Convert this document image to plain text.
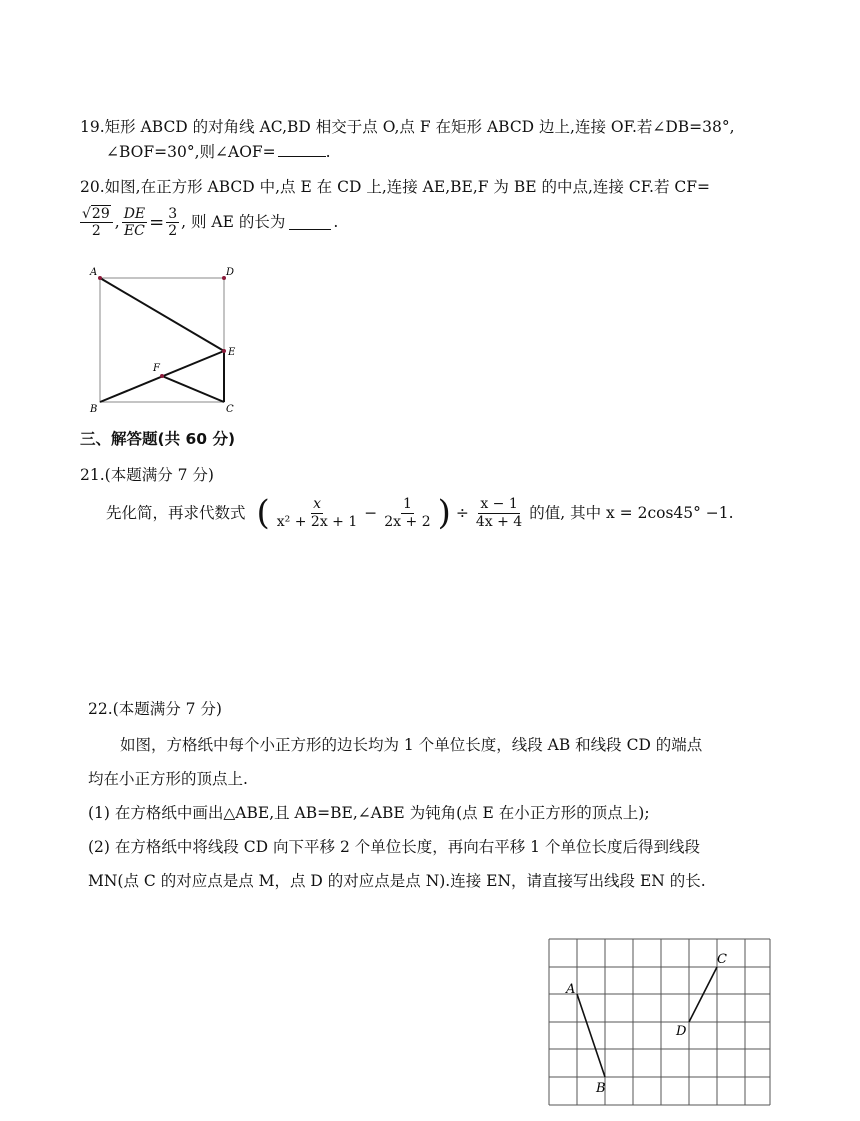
19.矩形 ABCD 的对角线 AC,BD 相交于点 O,点 F 在矩形 ABCD 边上,连接 OF.若∠DB=38°,
∠BOF=30°,则∠AOF=	.
20.如图,在正方形 ABCD 中,点 E 在 CD 上,连接 AE,BE,F 为 BE 的中点,连接 CF.若 CF=
$\frac{√29}{2}$ , $\frac{DE}{EC} = \frac{3}{2}$ , 则 AE 的长为	.
A	D
E
F
B	C
三、解答题(共 60 分)
21.(本题满分 7 分)
先化简，再求代数式 ( $\frac{x}{\text{x² + 2x + 1}} - \frac{1}{2x + 2}$ ) ÷ $\frac{x - 1}{4x + 4}$ 的值, 其中 x = 2cos45° −1.
22.(本题满分 7 分)
如图，方格纸中每个小正方形的边长均为 1 个单位长度，线段 AB 和线段 CD 的端点
均在小正方形的顶点上.
(1) 在方格纸中画出△ABE,且 AB=BE,∠ABE 为钝角(点 E 在小正方形的顶点上);
(2) 在方格纸中将线段 CD 向下平移 2 个单位长度，再向右平移 1 个单位长度后得到线段
MN(点 C 的对应点是点 M，点 D 的对应点是点 N).连接 EN，请直接写出线段 EN 的长.
A
B
C
D
